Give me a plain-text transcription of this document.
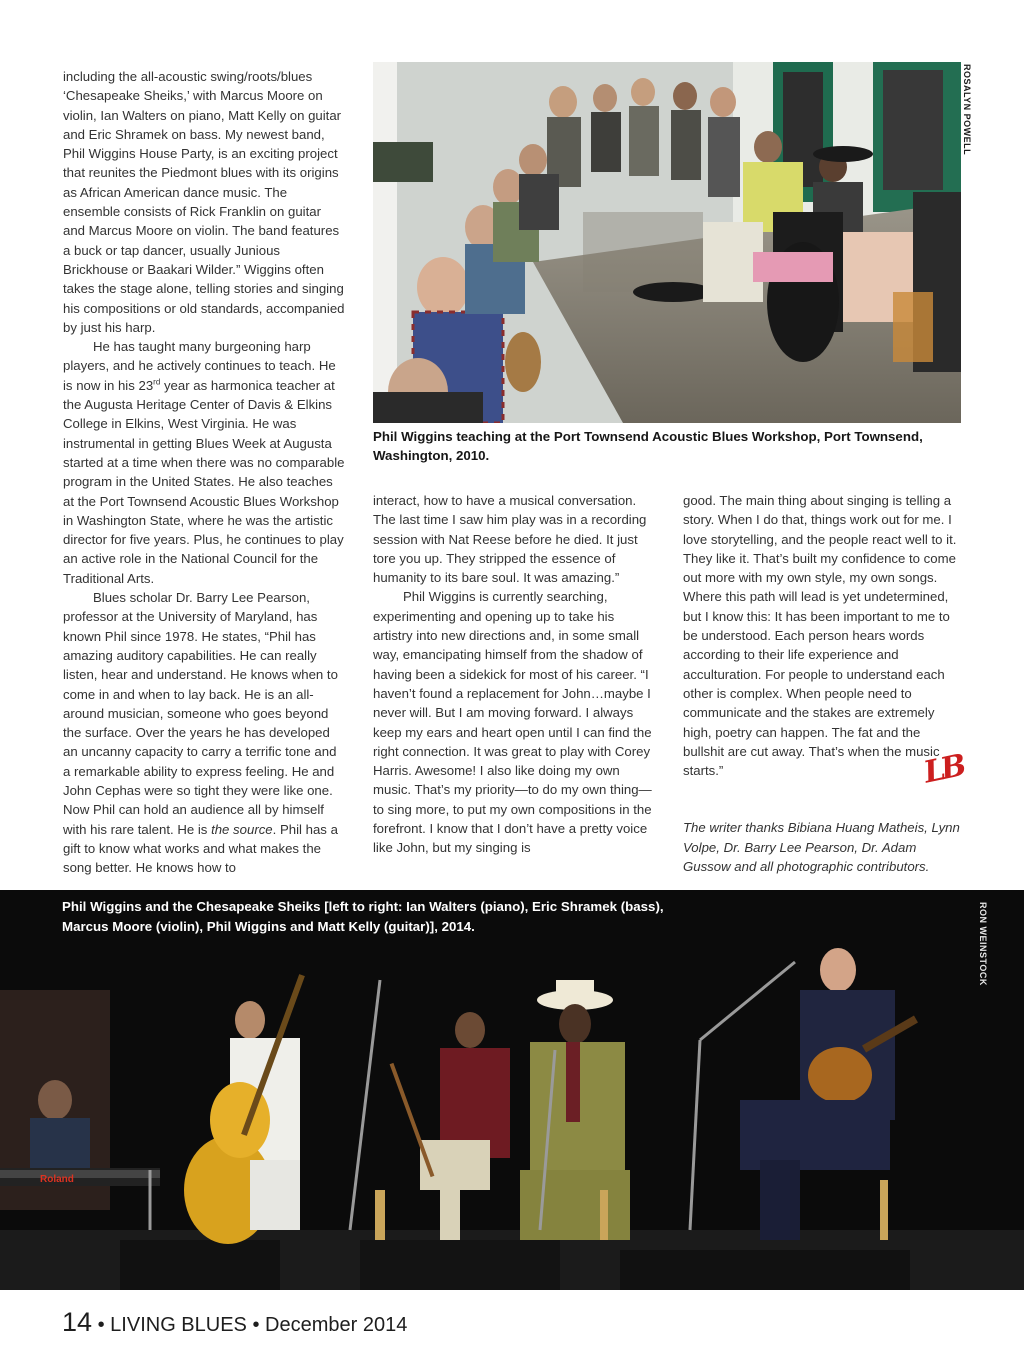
including the all-acoustic swing/roots/blues ‘Chesapeake Sheiks,’ with Marcus Moore on violin, Ian Walters on piano, Matt Kelly on guitar and Eric Shramek on bass. My newest band, Phil Wiggins House Party, is an exciting project that reunites the Piedmont blues with its origins as African American dance music. The ensemble consists of Rick Franklin on guitar and Marcus Moore on violin. The band features a buck or tap dancer, usually Junious Brickhouse or Baakari Wilder.” Wiggins often takes the stage alone, telling stories and singing his compositions or old standards, accompanied by just his harp.

He has taught many burgeoning harp players, and he actively continues to teach. He is now in his 23rd year as harmonica teacher at the Augusta Heritage Center of Davis & Elkins College in Elkins, West Virginia. He was instrumental in getting Blues Week at Augusta started at a time when there was no comparable program in the United States. He also teaches at the Port Townsend Acoustic Blues Workshop in Washington State, where he was the artistic director for five years. Plus, he continues to play an active role in the National Council for the Traditional Arts.

Blues scholar Dr. Barry Lee Pearson, professor at the University of Maryland, has known Phil since 1978. He states, “Phil has amazing auditory capabilities. He can really listen, hear and understand. He knows when to come in and when to lay back. He is an all-around musician, someone who goes beyond the surface. Over the years he has developed an uncanny capacity to carry a terrific tone and a remarkable ability to express feeling. He and John Cephas were so tight they were like one. Now Phil can hold an audience all by himself with his rare talent. He is the source. Phil has a gift to know what works and what makes the song better. He knows how to

ROSALYN POWELL
Phil Wiggins teaching at the Port Townsend Acoustic Blues Workshop, Port Townsend, Washington, 2010.

interact, how to have a musical conversation. The last time I saw him play was in a recording session with Nat Reese before he died. It just tore you up. They stripped the essence of humanity to its bare soul. It was amazing.”

Phil Wiggins is currently searching, experimenting and opening up to take his artistry into new directions and, in some small way, emancipating himself from the shadow of having been a sidekick for most of his career. “I haven’t found a replacement for John…maybe I never will. But I am moving forward. I always keep my ears and heart open until I can find the right connection. It was great to play with Corey Harris. Awesome! I also like doing my own music. That’s my priority—to do my own thing—to sing more, to put my own compositions in the forefront. I know that I don’t have a pretty voice like John, but my singing is

good. The main thing about singing is telling a story. When I do that, things work out for me. I love storytelling, and the people react well to it. They like it. That’s built my confidence to come out more with my own style, my own songs. Where this path will lead is yet undetermined, but I know this: It has been important to me to be understood. Each person hears words according to their life experience and acculturation. For people to understand each other is complex. When people need to communicate and the stakes are extremely high, poetry can happen. The fat and the bullshit are cut away. That’s when the music starts.”

The writer thanks Bibiana Huang Matheis, Lynn Volpe, Dr. Barry Lee Pearson, Dr. Adam Gussow and all photographic contributors.

LB
Roland
Phil Wiggins and the Chesapeake Sheiks [left to right: Ian Walters (piano), Eric Shramek (bass), Marcus Moore (violin), Phil Wiggins and Matt Kelly (guitar)], 2014.	RON WEINSTOCK
14 • LIVING BLUES • December 2014
